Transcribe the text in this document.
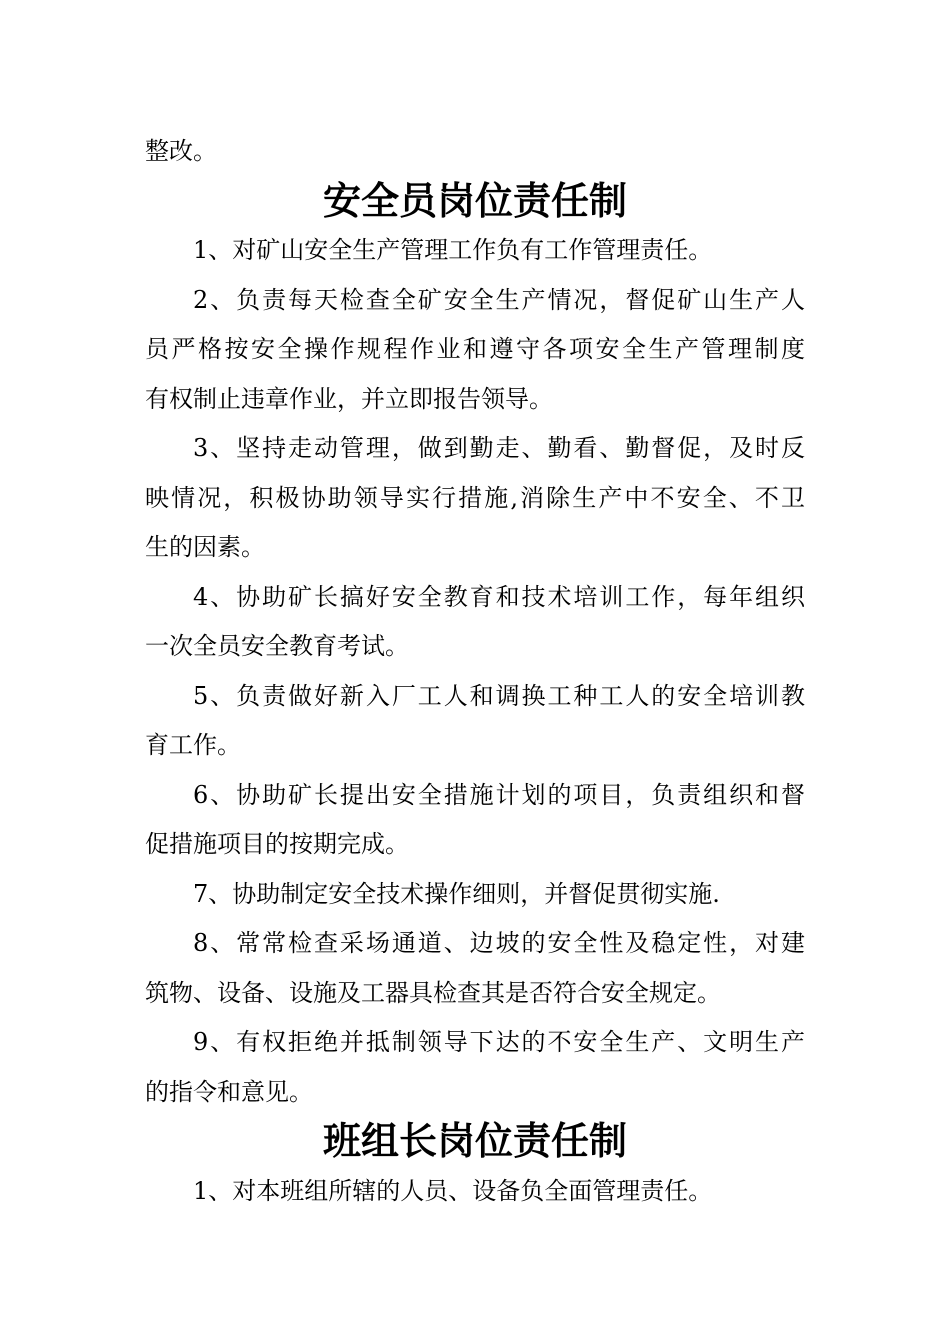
整改。
安全员岗位责任制
1、对矿山安全生产管理工作负有工作管理责任。
2、负责每天检查全矿安全生产情况，督促矿山生产人
员严格按安全操作规程作业和遵守各项安全生产管理制度
有权制止违章作业，并立即报告领导。
3、坚持走动管理，做到勤走、勤看、勤督促，及时反
映情况，积极协助领导实行措施,消除生产中不安全、不卫
生的因素。
4、协助矿长搞好安全教育和技术培训工作，每年组织
一次全员安全教育考试。
5、负责做好新入厂工人和调换工种工人的安全培训教
育工作。
6、协助矿长提出安全措施计划的项目，负责组织和督
促措施项目的按期完成。
7、协助制定安全技术操作细则，并督促贯彻实施.
8、常常检查采场通道、边坡的安全性及稳定性，对建
筑物、设备、设施及工器具检查其是否符合安全规定。
9、有权拒绝并抵制领导下达的不安全生产、文明生产
的指令和意见。
班组长岗位责任制
1、对本班组所辖的人员、设备负全面管理责任。
